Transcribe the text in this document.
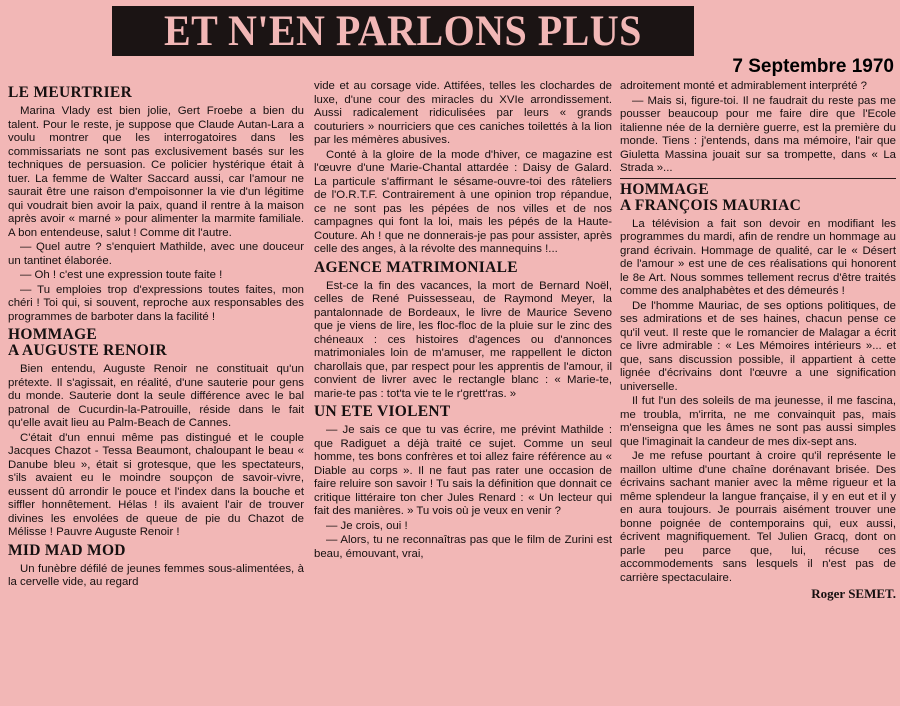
ET N'EN PARLONS PLUS
7 Septembre 1970
LE MEURTRIER

Marina Vlady est bien jolie, Gert Froebe a bien du talent. Pour le reste, je suppose que Claude Autan-Lara a voulu montrer que les interrogatoires dans les commissariats ne sont pas exclusivement basés sur les techniques de persuasion. Ce policier hystérique était à tuer. La femme de Walter Saccard aussi, car l'amour ne saurait être une raison d'empoisonner la vie d'un légitime qui voudrait bien avoir la paix, quand il rentre à la maison après avoir « marné » pour alimenter la marmite familiale. A bon entendeuse, salut ! Comme dit l'autre.

— Quel autre ? s'enquiert Mathilde, avec une douceur un tantinet élaborée.

— Oh ! c'est une expression toute faite !

— Tu emploies trop d'expressions toutes faites, mon chéri ! Toi qui, si souvent, reproche aux responsables des programmes de barboter dans la facilité !

HOMMAGE
A AUGUSTE RENOIR

Bien entendu, Auguste Renoir ne constituait qu'un prétexte. Il s'agissait, en réalité, d'une sauterie pour gens du monde. Sauterie dont la seule différence avec le bal patronal de Cucurdin-la-Patrouille, réside dans le fait qu'elle avait lieu au Palm-Beach de Cannes.

C'était d'un ennui même pas distingué et le couple Jacques Chazot - Tessa Beaumont, chaloupant le beau « Danube bleu », était si grotesque, que les spectateurs, s'ils avaient eu le moindre soupçon de savoir-vivre, eussent dû arrondir le pouce et l'index dans la bouche et siffler honnêtement. Hélas ! ils avaient l'air de trouver divines les envolées de queue de pie du Chazot de Mélisse ! Pauvre Auguste Renoir !

MID MAD MOD

Un funèbre défilé de jeunes femmes sous-alimentées, à la cervelle vide, au regard

vide et au corsage vide. Attifées, telles les clochardes de luxe, d'une cour des miracles du XVIe arrondissement. Aussi radicalement ridiculisées par leurs « grands couturiers » nourriciers que ces caniches toilettés à la lion par les mémères abusives.

Conté à la gloire de la mode d'hiver, ce magazine est l'œuvre d'une Marie-Chantal attardée : Daisy de Galard. La particule s'affirmant le sésame-ouvre-toi des râteliers de l'O.R.T.F. Contrairement à une opinion trop répandue, ce ne sont pas les pépées de nos villes et de nos campagnes qui font la loi, mais les pépés de la Haute-Couture. Ah ! que ne donnerais-je pas pour assister, après celle des anges, à la révolte des mannequins !...

AGENCE MATRIMONIALE

Est-ce la fin des vacances, la mort de Bernard Noël, celles de René Puissesseau, de Raymond Meyer, la pantalonnade de Bordeaux, le livre de Maurice Seveno que je viens de lire, les floc-floc de la pluie sur le zinc des chéneaux : ces histoires d'agences ou d'annonces matrimoniales loin de m'amuser, me rappellent le dicton charollais que, par respect pour les apprentis de l'amour, il convient de livrer avec le rectangle blanc : « Marie-te, marie-te pas : tot'ta vie te le r'grett'ras. »

UN ETE VIOLENT

— Je sais ce que tu vas écrire, me prévint Mathilde : que Radiguet a déjà traité ce sujet. Comme un seul homme, tes bons confrères et toi allez faire référence au « Diable au corps ». Il ne faut pas rater une occasion de faire reluire son savoir ! Tu sais la définition que donnait ce critique littéraire ton cher Jules Renard : « Un lecteur qui fait des manières. » Tu vois où je veux en venir ?

— Je crois, oui !

— Alors, tu ne reconnaîtras pas que le film de Zurini est beau, émouvant, vrai,

adroitement monté et admirablement interprété ?

— Mais si, figure-toi. Il ne faudrait du reste pas me pousser beaucoup pour me faire dire que l'Ecole italienne née de la dernière guerre, est la première du monde. Tiens : j'entends, dans ma mémoire, l'air que Giuletta Massina jouait sur sa trompette, dans « La Strada »...

HOMMAGE
A FRANÇOIS MAURIAC

La télévision a fait son devoir en modifiant les programmes du mardi, afin de rendre un hommage au grand écrivain. Hommage de qualité, car le « Désert de l'amour » est une de ces réalisations qui honorent le 8e Art. Nous sommes tellement recrus d'être traités comme des analphabètes et des démeurés !

De l'homme Mauriac, de ses options politiques, de ses admirations et de ses haines, chacun pense ce qu'il veut. Il reste que le romancier de Malagar a écrit ce livre admirable : « Les Mémoires intérieurs »... et que, sans discussion possible, il appartient à cette lignée d'écrivains dont l'œuvre a une signification universelle.

Il fut l'un des soleils de ma jeunesse, il me fascina, me troubla, m'irrita, ne me convainquit pas, mais m'enseigna que les âmes ne sont pas aussi simples que l'imaginait la candeur de mes dix-sept ans.

Je me refuse pourtant à croire qu'il représente le maillon ultime d'une chaîne dorénavant brisée. Des écrivains sachant manier avec la même rigueur et la même splendeur la langue française, il y en eut et il y en aura toujours. Je pourrais aisément trouver une bonne poignée de contemporains qui, eux aussi, écrivent magnifiquement. Tel Julien Gracq, dont on parle peu parce que, lui, récuse ces accommodements sans lesquels il n'est pas de carrière spectaculaire.

Roger SEMET.
